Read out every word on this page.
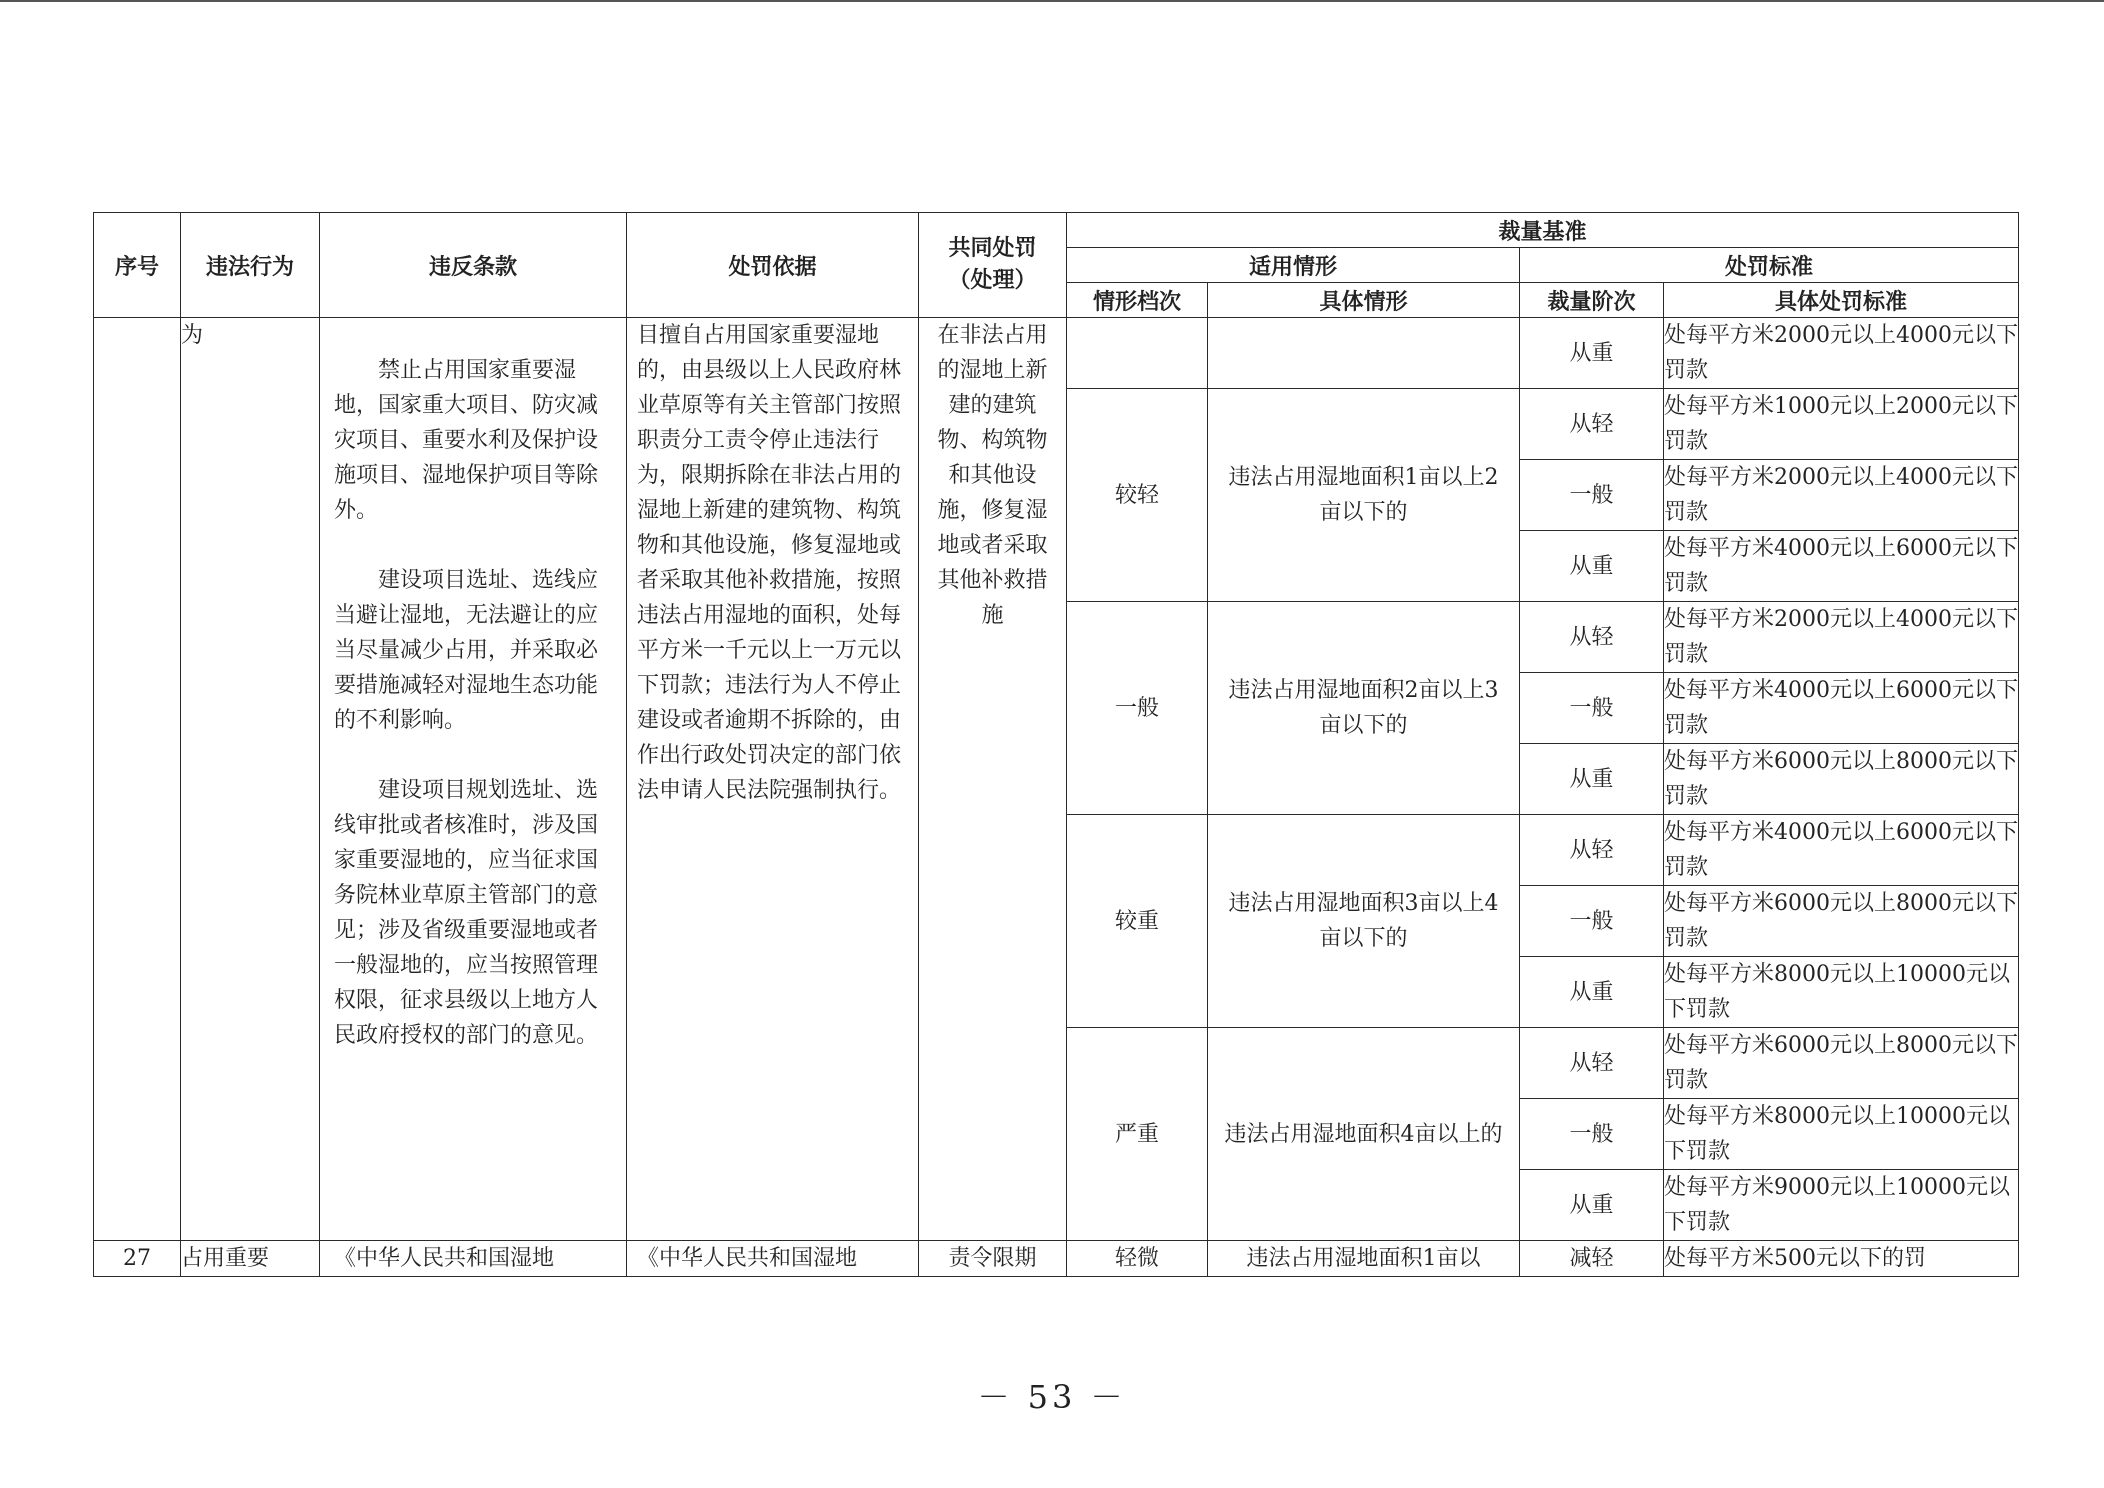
序号	违法行为	违反条款	处罚依据	共同处罚（处理）	裁量基准			
					适用情形		处罚标准	
					情形档次	具体情形	裁量阶次	具体处罚标准
	为	禁止占用国家重要湿地，国家重大项目、防灾减灾项目、重要水利及保护设施项目、湿地保护项目等除外。

建设项目选址、选线应当避让湿地，无法避让的应当尽量减少占用，并采取必要措施减轻对湿地生态功能的不利影响。

建设项目规划选址、选线审批或者核准时，涉及国家重要湿地的，应当征求国务院林业草原主管部门的意见；涉及省级重要湿地或者一般湿地的，应当按照管理权限，征求县级以上地方人民政府授权的部门的意见。	目擅自占用国家重要湿地的，由县级以上人民政府林业草原等有关主管部门按照职责分工责令停止违法行为，限期拆除在非法占用的湿地上新建的建筑物、构筑物和其他设施，修复湿地或者采取其他补救措施，按照违法占用湿地的面积，处每平方米一千元以上一万元以下罚款；违法行为人不停止建设或者逾期不拆除的，由作出行政处罚决定的部门依法申请人民法院强制执行。	在非法占用的湿地上新建的建筑物、构筑物和其他设施，修复湿地或者采取其他补救措施			从重	处每平方米2000元以上4000元以下罚款
					较轻	违法占用湿地面积1亩以上2亩以下的	从轻	处每平方米1000元以上2000元以下罚款
							一般	处每平方米2000元以上4000元以下罚款
							从重	处每平方米4000元以上6000元以下罚款
					一般	违法占用湿地面积2亩以上3亩以下的	从轻	处每平方米2000元以上4000元以下罚款
							一般	处每平方米4000元以上6000元以下罚款
							从重	处每平方米6000元以上8000元以下罚款
					较重	违法占用湿地面积3亩以上4亩以下的	从轻	处每平方米4000元以上6000元以下罚款
							一般	处每平方米6000元以上8000元以下罚款
							从重	处每平方米8000元以上10000元以下罚款
					严重	违法占用湿地面积4亩以上的	从轻	处每平方米6000元以上8000元以下罚款
							一般	处每平方米8000元以上10000元以下罚款
							从重	处每平方米9000元以上10000元以下罚款
27	占用重要	《中华人民共和国湿地	《中华人民共和国湿地	责令限期	轻微	违法占用湿地面积1亩以	减轻	处每平方米500元以下的罚
－ 53 －
